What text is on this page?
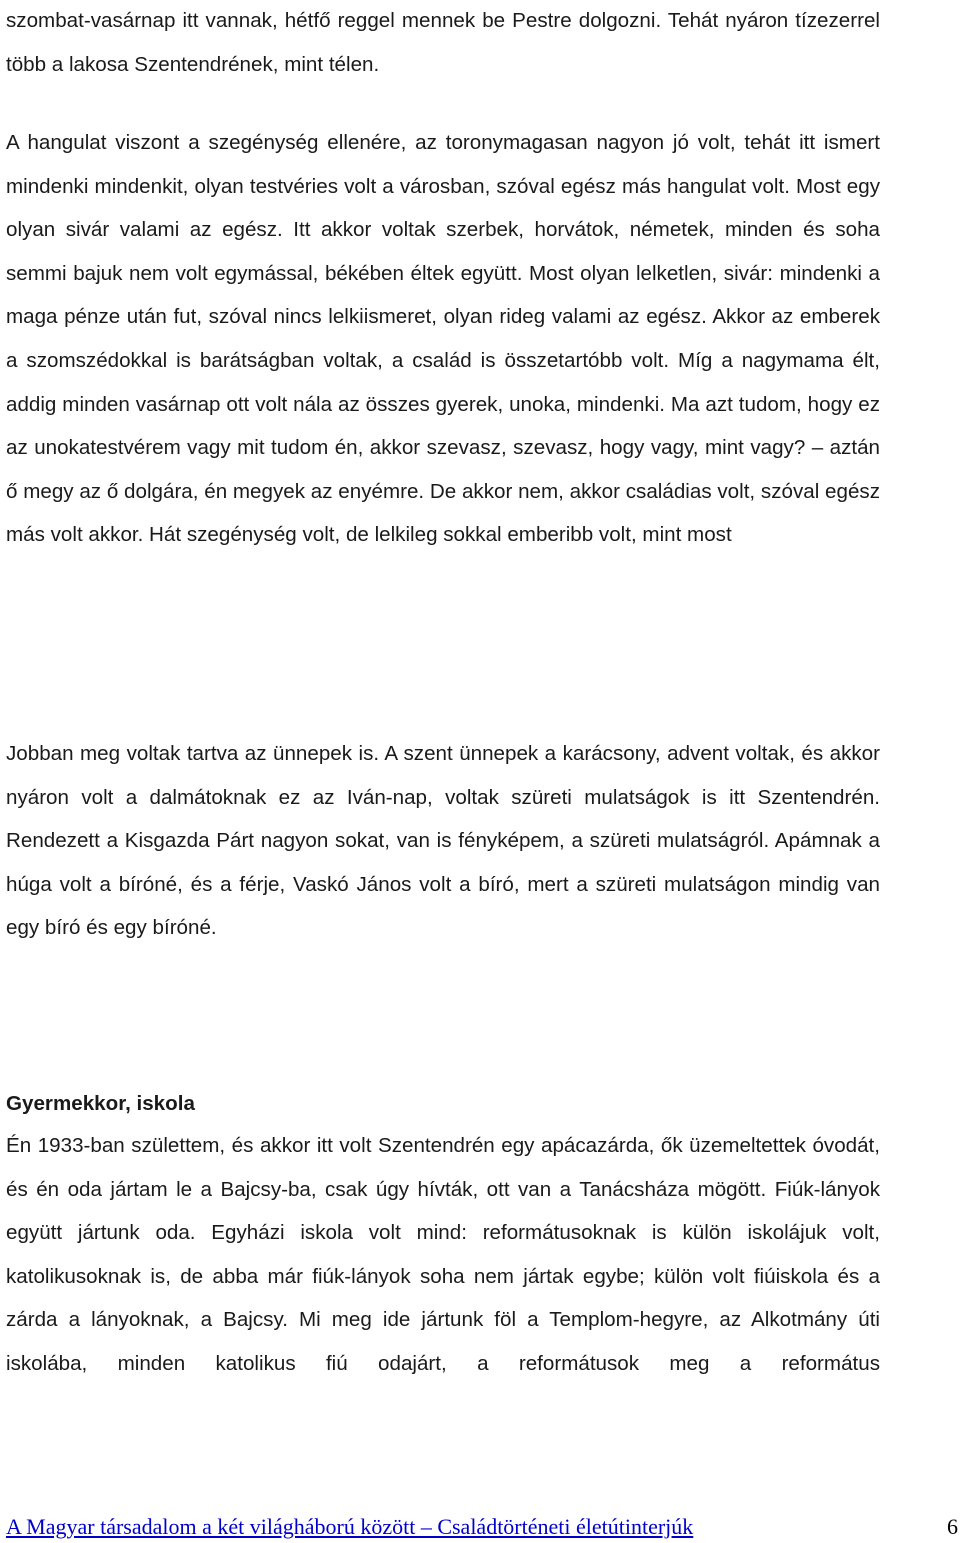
szombat-vasárnap itt vannak, hétfő reggel mennek be Pestre dolgozni. Tehát nyáron tízezerrel több a lakosa Szentendrének, mint télen.

A hangulat viszont a szegénység ellenére, az toronymagasan nagyon jó volt, tehát itt ismert mindenki mindenkit, olyan testvéries volt a városban, szóval egész más hangulat volt. Most egy olyan sivár valami az egész. Itt akkor voltak szerbek, horvátok, németek, minden és soha semmi bajuk nem volt egymással, békében éltek együtt. Most olyan lelketlen, sivár: mindenki a maga pénze után fut, szóval nincs lelkiismeret, olyan rideg valami az egész. Akkor az emberek a szomszédokkal is barátságban voltak, a család is összetartóbb volt. Míg a nagymama élt, addig minden vasárnap ott volt nála az összes gyerek, unoka, mindenki. Ma azt tudom, hogy ez az unokatestvérem vagy mit tudom én, akkor szevasz, szevasz, hogy vagy, mint vagy? – aztán ő megy az ő dolgára, én megyek az enyémre. De akkor nem, akkor családias volt, szóval egész más volt akkor. Hát szegénység volt, de lelkileg sokkal emberibb volt, mint most

Jobban meg voltak tartva az ünnepek is. A szent ünnepek a karácsony, advent voltak, és akkor nyáron volt a dalmátoknak ez az Iván-nap, voltak szüreti mulatságok is itt Szentendrén. Rendezett a Kisgazda Párt nagyon sokat, van is fényképem, a szüreti mulatságról. Apámnak a húga volt a bíróné, és a férje, Vaskó János volt a bíró, mert a szüreti mulatságon mindig van egy bíró és egy bíróné.

Gyermekkor, iskola

Én 1933-ban születtem, és akkor itt volt Szentendrén egy apácazárda, ők üzemeltettek óvodát, és én oda jártam le a Bajcsy-ba, csak úgy hívták, ott van a Tanácsháza mögött. Fiúk-lányok együtt jártunk oda. Egyházi iskola volt mind: reformátusoknak is külön iskolájuk volt, katolikusoknak is, de abba már fiúk-lányok soha nem jártak egybe; külön volt fiúiskola és a zárda a lányoknak, a Bajcsy. Mi meg ide jártunk föl a Templom-hegyre, az Alkotmány úti iskolába, minden katolikus fiú odajárt, a reformátusok meg a református

A Magyar társadalom a két világháború között – Családtörténeti életútinterjúk	6
